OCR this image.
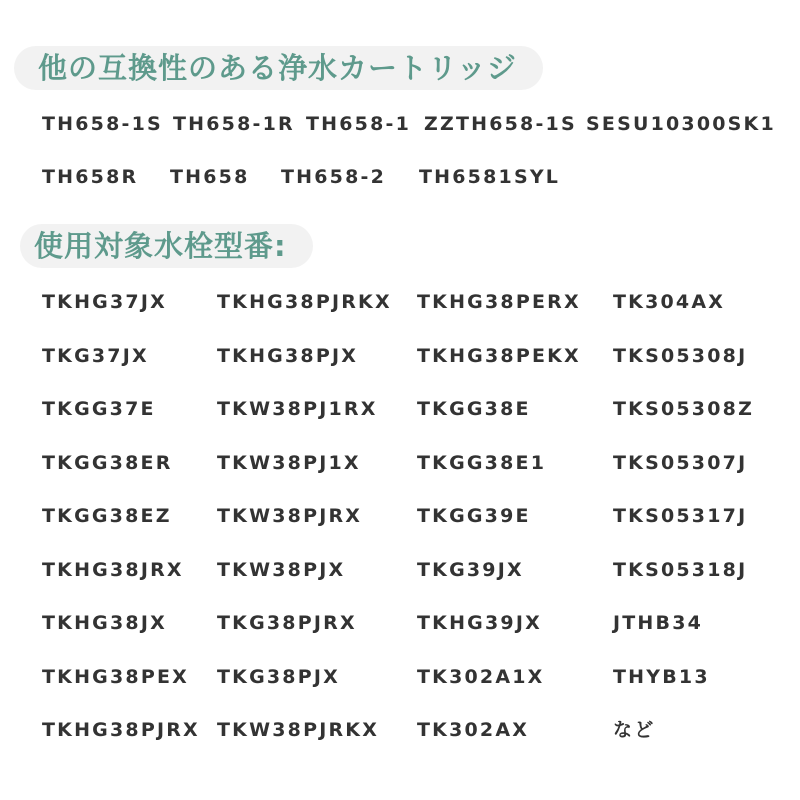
他の互換性のある浄水カートリッジ
TH658-1S TH658-1R TH658-1 ZZTH658-1S SESU10300SK1
TH658R TH658 TH658-2 TH6581SYL
使用対象水栓型番:
TKHG37JX
TKG37JX
TKGG37E
TKGG38ER
TKGG38EZ
TKHG38JRX
TKHG38JX
TKHG38PEX
TKHG38PJRX
TKHG38PJRKX
TKHG38PJX
TKW38PJ1RX
TKW38PJ1X
TKW38PJRX
TKW38PJX
TKG38PJRX
TKG38PJX
TKW38PJRKX
TKHG38PERX
TKHG38PEKX
TKGG38E
TKGG38E1
TKGG39E
TKG39JX
TKHG39JX
TK302A1X
TK302AX
TK304AX
TKS05308J
TKS05308Z
TKS05307J
TKS05317J
TKS05318J
JTHB34
THYB13
など
